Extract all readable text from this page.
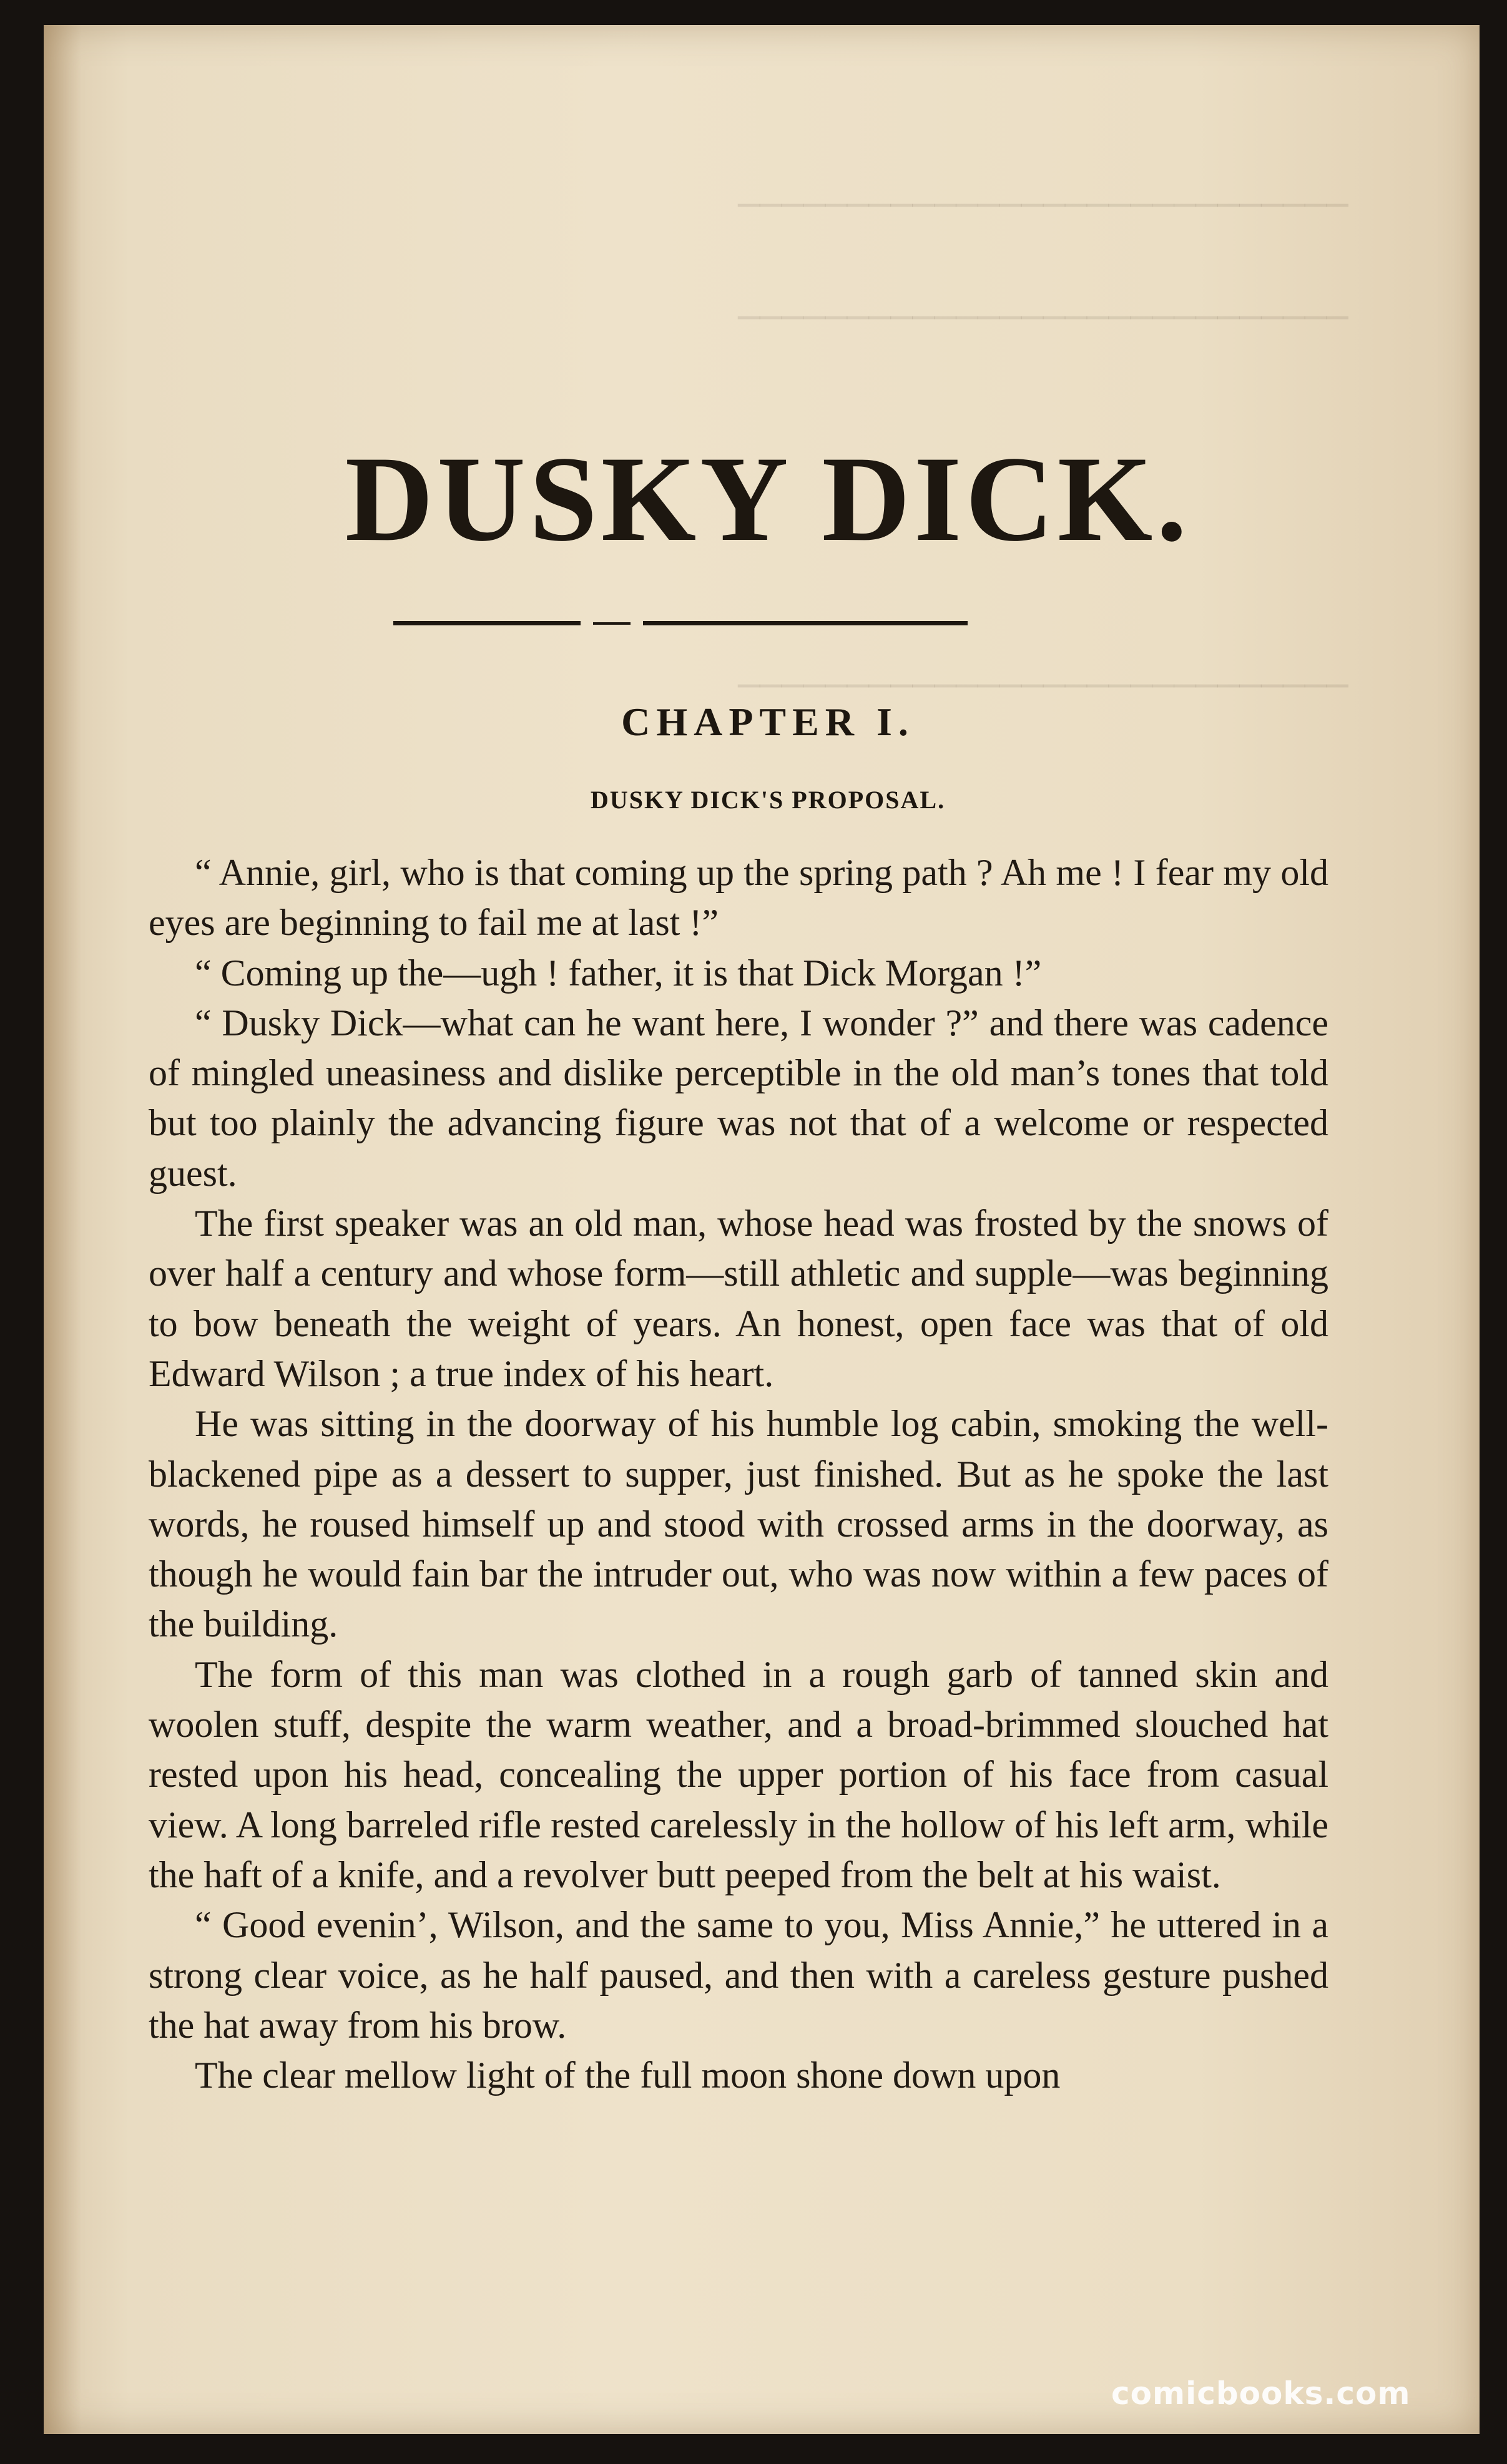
────────────────────────────
────────────────────────────
────────────────────────────
DUSKY DICK.
CHAPTER I.
DUSKY DICK'S PROPOSAL.

“ Annie, girl, who is that coming up the spring path ? Ah me ! I fear my old eyes are beginning to fail me at last !”

“ Coming up the—ugh ! father, it is that Dick Morgan !”

“ Dusky Dick—what can he want here, I wonder ?” and there was cadence of mingled uneasiness and dislike perceptible in the old man’s tones that told but too plainly the advancing figure was not that of a welcome or respected guest.

The first speaker was an old man, whose head was frosted by the snows of over half a century and whose form—still athletic and supple—was beginning to bow beneath the weight of years. An honest, open face was that of old Edward Wilson ; a true index of his heart.

He was sitting in the doorway of his humble log cabin, smoking the well-blackened pipe as a dessert to supper, just finished. But as he spoke the last words, he roused himself up and stood with crossed arms in the doorway, as though he would fain bar the intruder out, who was now within a few paces of the building.

The form of this man was clothed in a rough garb of tanned skin and woolen stuff, despite the warm weather, and a broad-brimmed slouched hat rested upon his head, concealing the upper portion of his face from casual view. A long barreled rifle rested carelessly in the hollow of his left arm, while the haft of a knife, and a revolver butt peeped from the belt at his waist.

“ Good evenin’, Wilson, and the same to you, Miss Annie,” he uttered in a strong clear voice, as he half paused, and then with a careless gesture pushed the hat away from his brow.

The clear mellow light of the full moon shone down upon

comicbooks.com
